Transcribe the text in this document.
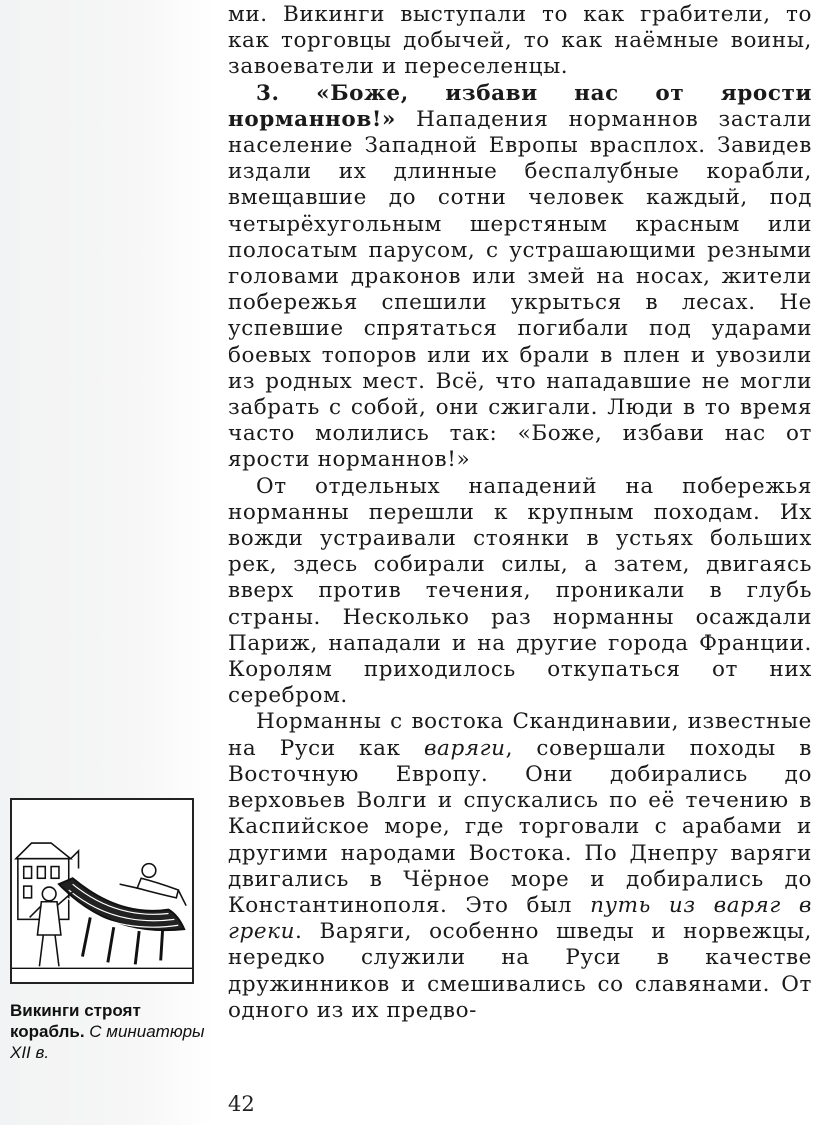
ми. Викинги выступали то как грабители, то как торговцы добычей, то как наёмные воины, завоеватели и переселенцы.

3. «Боже, избави нас от ярости норманнов!» Нападения норманнов застали население Западной Европы врасплох. Завидев издали их длинные беспалубные корабли, вмещавшие до сотни человек каждый, под четырёхугольным шерстяным красным или полосатым парусом, с устрашающими резными головами драконов или змей на носах, жители побережья спешили укрыться в лесах. Не успевшие спрятаться погибали под ударами боевых топоров или их брали в плен и увозили из родных мест. Всё, что нападавшие не могли забрать с собой, они сжигали. Люди в то время часто молились так: «Боже, избави нас от ярости норманнов!»

От отдельных нападений на побережья норманны перешли к крупным походам. Их вожди устраивали стоянки в устьях больших рек, здесь собирали силы, а затем, двигаясь вверх против течения, проникали в глубь страны. Несколько раз норманны осаждали Париж, нападали и на другие города Франции. Королям приходилось откупаться от них серебром.

Норманны с востока Скандинавии, известные на Руси как варяги, совершали походы в Восточную Европу. Они добирались до верховьев Волги и спускались по её течению в Каспийское море, где торговали с арабами и другими народами Востока. По Днепру варяги двигались в Чёрное море и добирались до Константинополя. Это был путь из варяг в греки. Варяги, особенно шведы и норвежцы, нередко служили на Руси в качестве дружинников и смешивались со славянами. От одного из их предво-

Викинги строят корабль. С миниатюры XII в.
42
